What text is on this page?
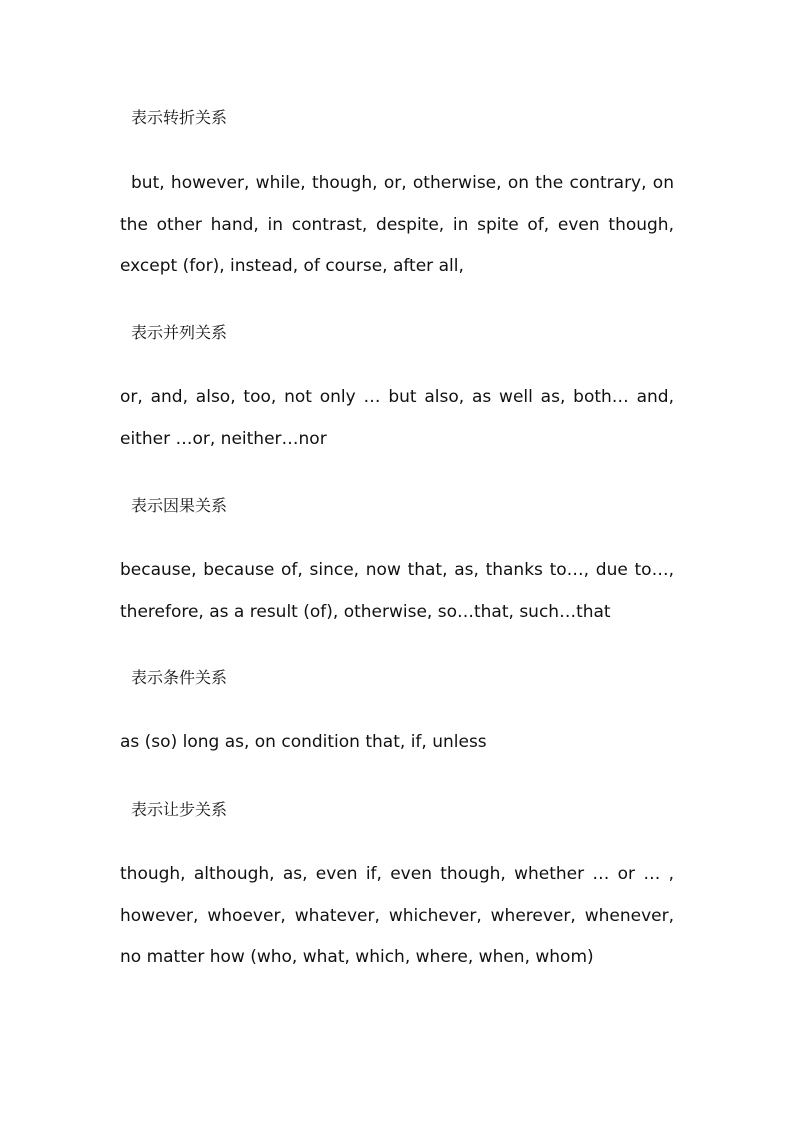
表示转折关系
but, however, while, though, or, otherwise, on the contrary, on the other hand, in contrast, despite, in spite of, even though, except (for), instead, of course, after all,
表示并列关系
or, and, also, too, not only … but also, as well as, both… and, either …or, neither…nor
表示因果关系
because, because of, since, now that, as, thanks to…, due to…, therefore, as a result (of), otherwise, so…that, such…that
表示条件关系
as (so) long as, on condition that, if, unless
表示让步关系
though, although, as, even if, even though, whether … or … , however, whoever, whatever, whichever, wherever, whenever, no matter how (who, what, which, where, when, whom)
